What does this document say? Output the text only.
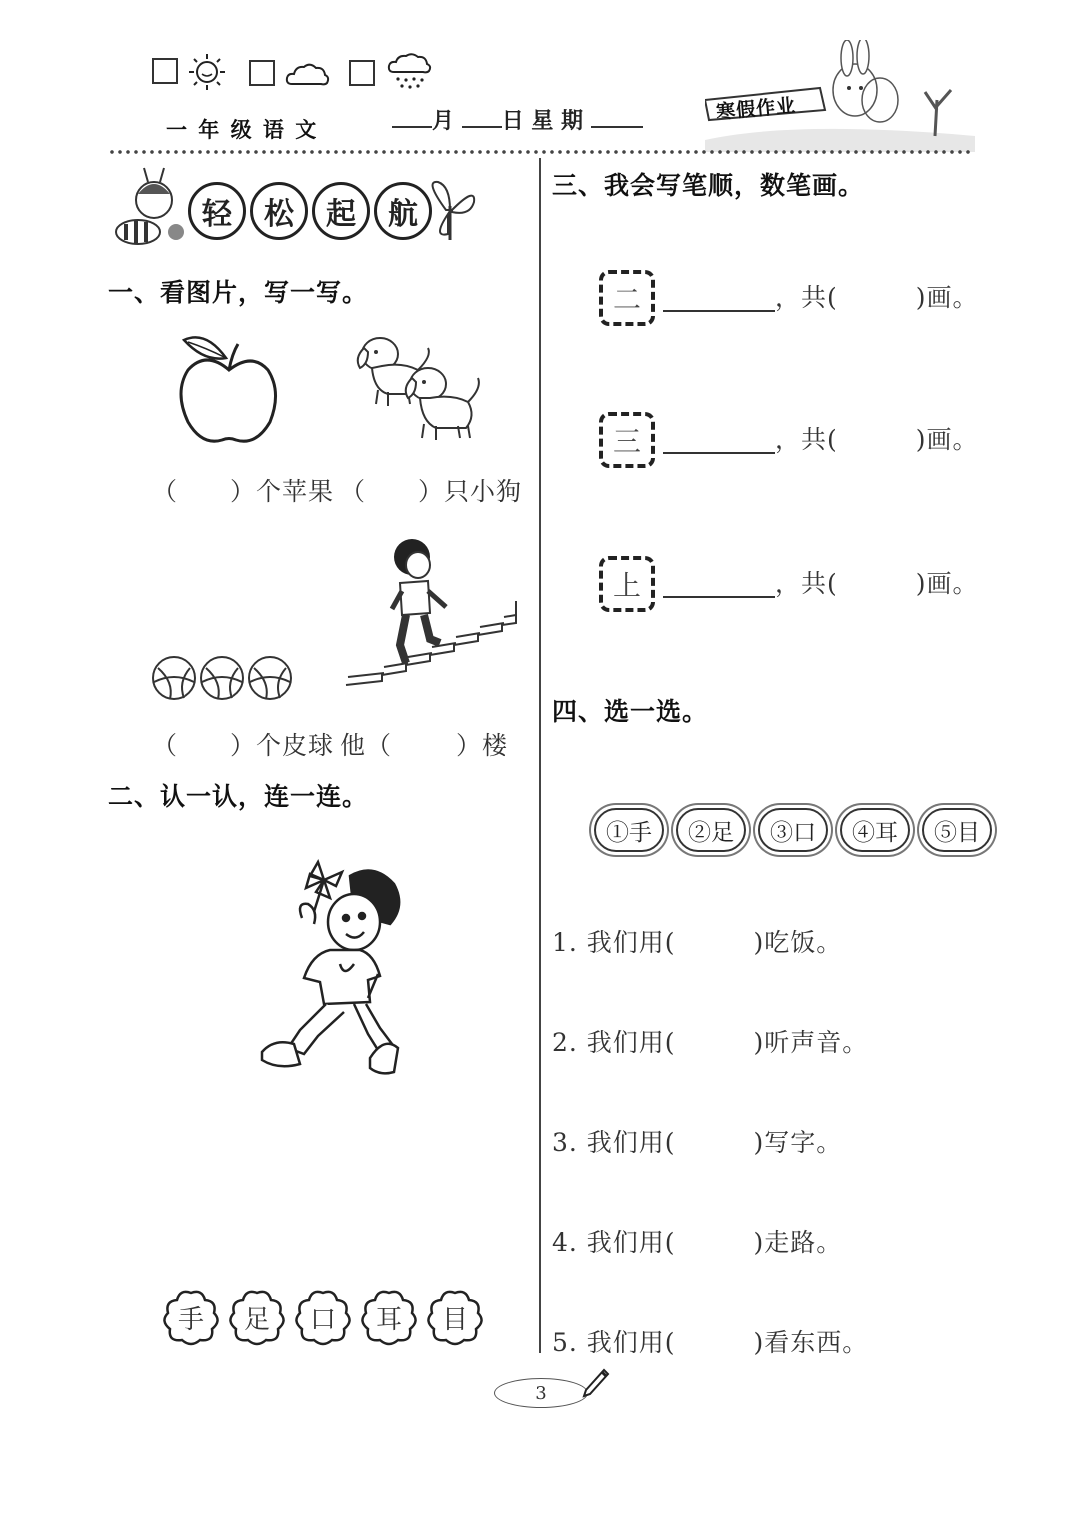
一 年 级 语 文	月 日 星 期	寒假作业
轻 松 起 航
一、看图片，写一写。
（　　）个苹果 （　　）只小狗
（　　）个皮球 他（	）楼
二、认一认，连一连。
手 足 口 耳 目
三、我会写笔顺，数笔画。
二	，共(　　　)画。
三	，共(　　　)画。
上	，共(　　　)画。
四、选一选。
①手	②足	③口	④耳	⑤目
1. 我们用(　　　)吃饭。
2. 我们用(　　　)听声音。
3. 我们用(　　　)写字。
4. 我们用(　　　)走路。
5. 我们用(　　　)看东西。
3
